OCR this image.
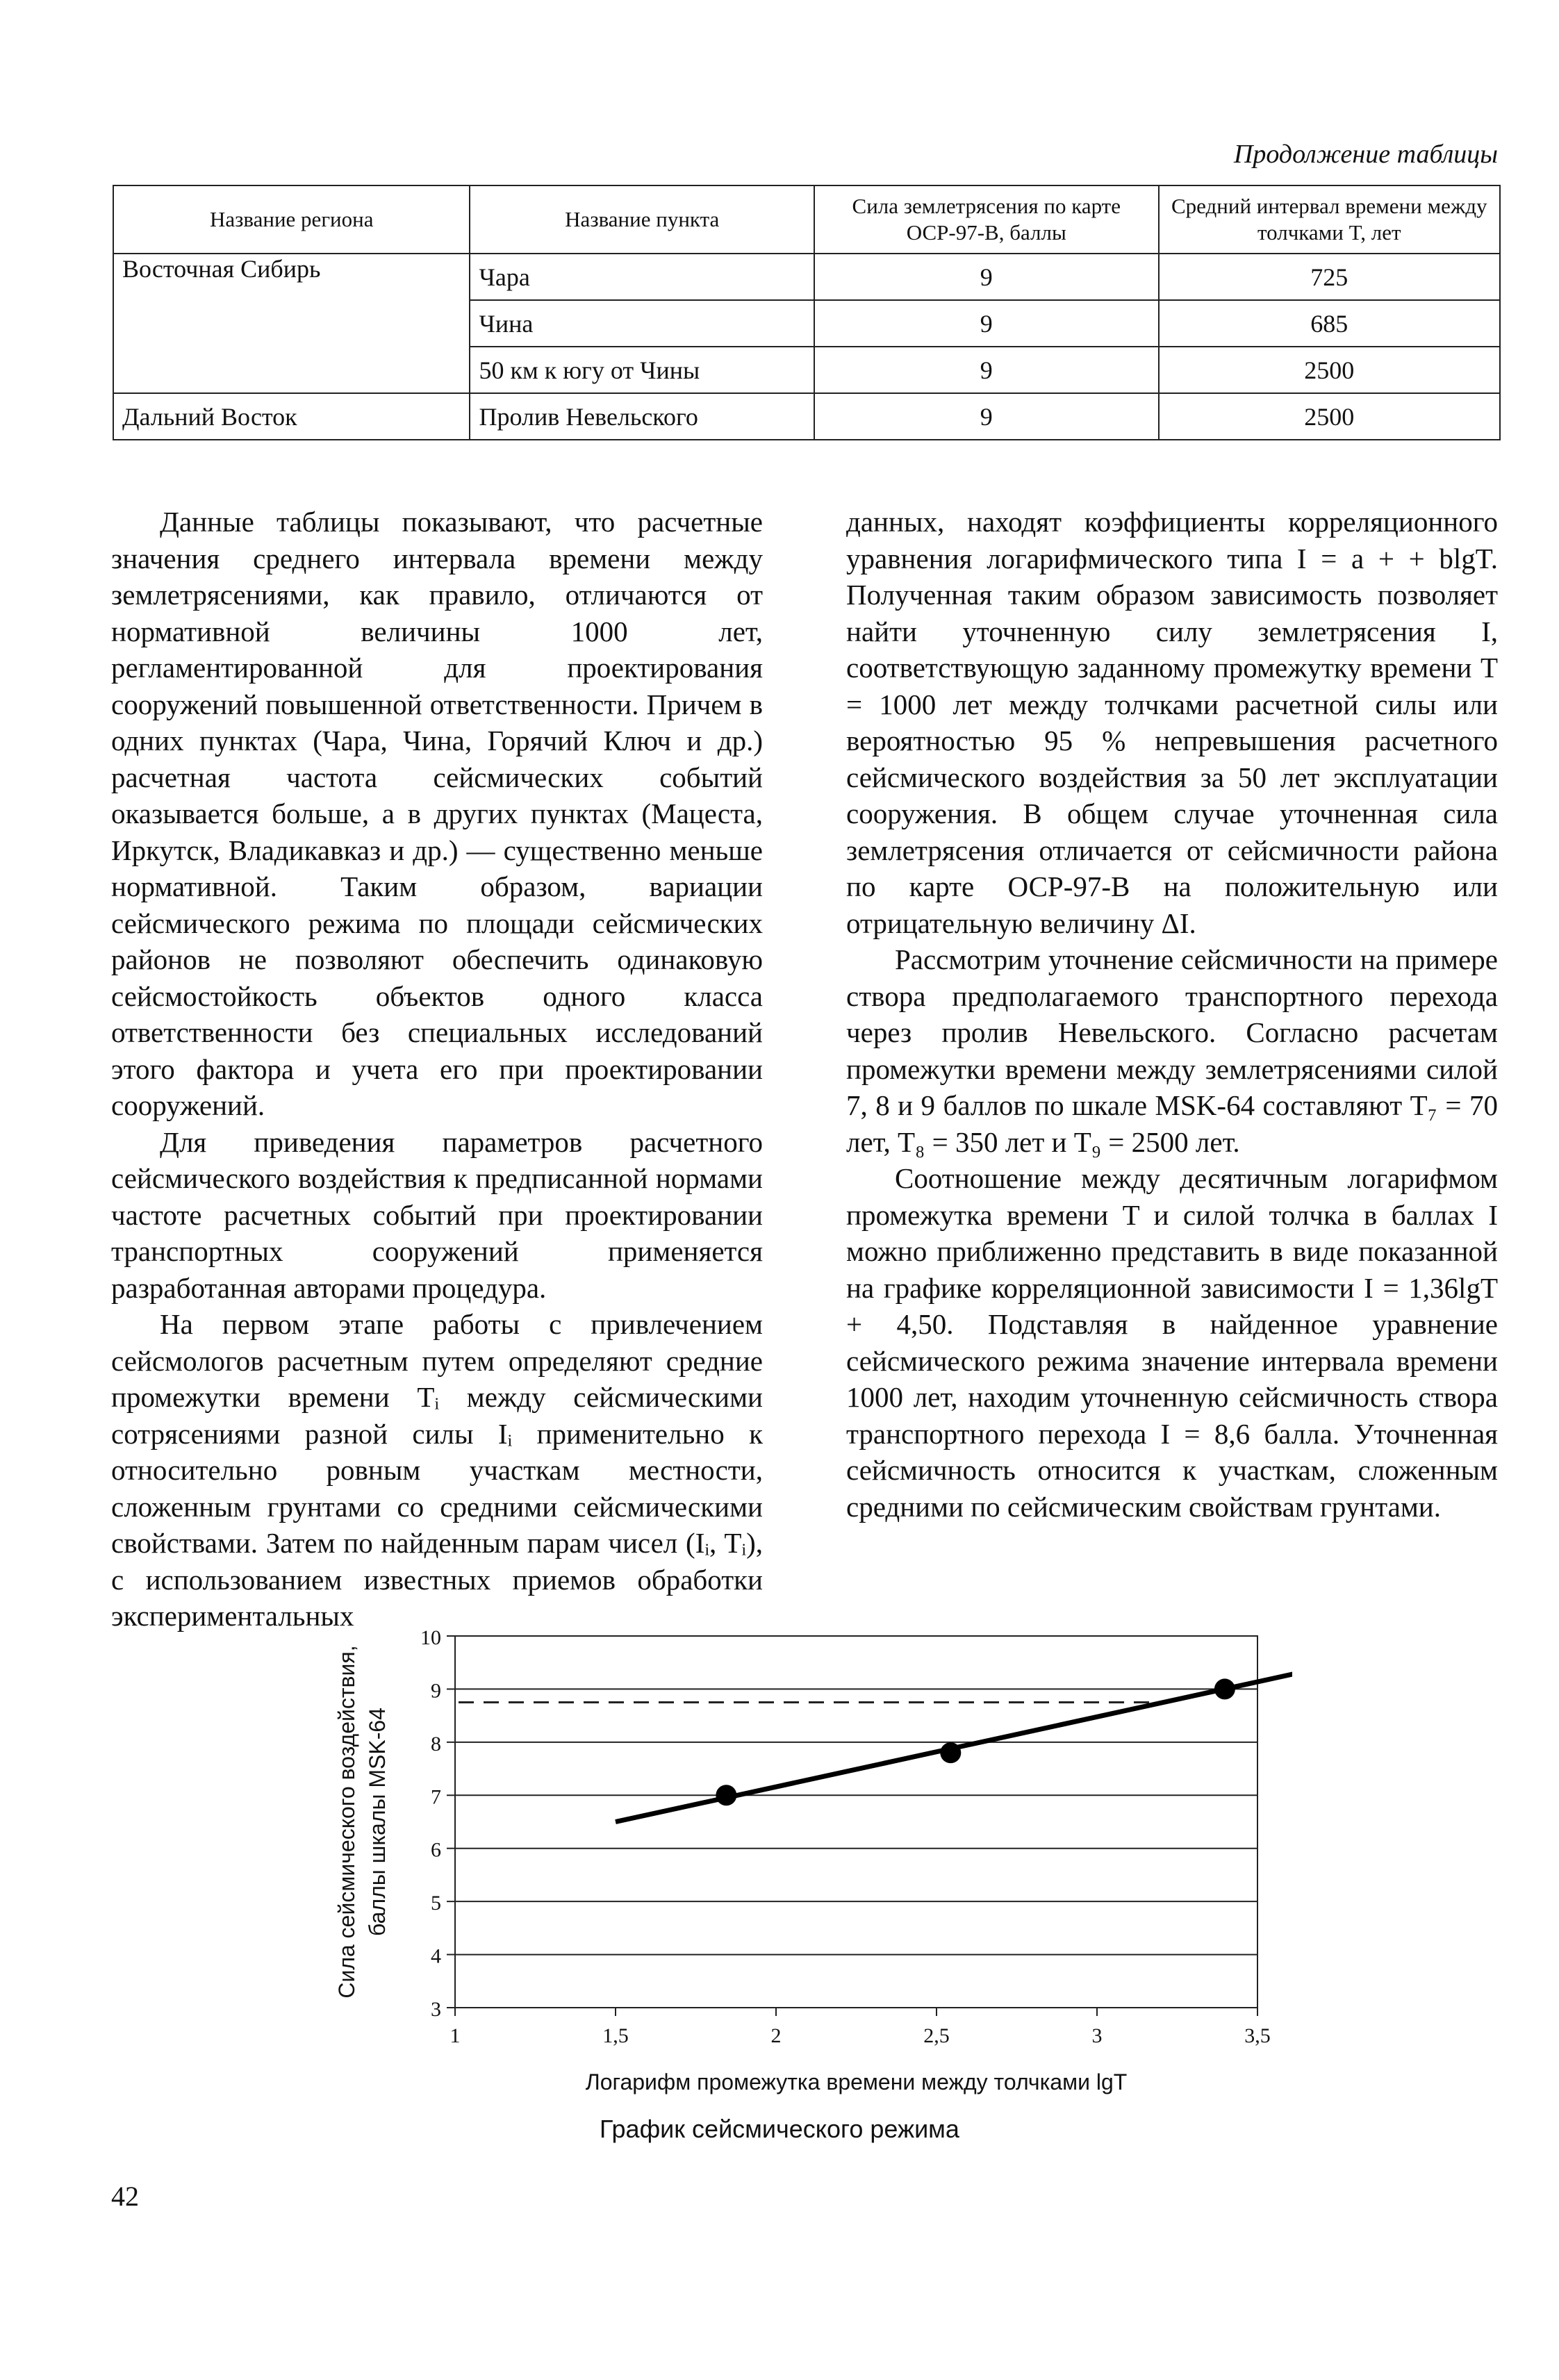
Продолжение таблицы
Название региона	Название пункта	Сила землетрясения по карте ОСР-97-В, баллы	Средний интервал времени между толчками T, лет
Восточная Сибирь	Чара	9	725
	Чина	9	685
	50 км к югу от Чины	9	2500
Дальний Восток	Пролив Невельского	9	2500

Данные таблицы показывают, что расчетные значения среднего интервала времени между землетрясениями, как правило, отличаются от нормативной величины 1000 лет, регламентированной для проектирования сооружений повышенной ответственности. Причем в одних пунктах (Чара, Чина, Горячий Ключ и др.) расчетная частота сейсмических событий оказывается больше, а в других пунктах (Мацеста, Иркутск, Владикавказ и др.) — существенно меньше нормативной. Таким образом, вариации сейсмического режима по площади сейсмических районов не позволяют обеспечить одинаковую сейсмостойкость объектов одного класса ответственности без специальных исследований этого фактора и учета его при проектировании сооружений.

Для приведения параметров расчетного сейсмического воздействия к предписанной нормами частоте расчетных событий при проектировании транспортных сооружений применяется разработанная авторами процедура.

На первом этапе работы с привлечением сейсмологов расчетным путем определяют средние промежутки времени Tᵢ между сейсмическими сотрясениями разной силы Iᵢ применительно к относительно ровным участкам местности, сложенным грунтами со средними сейсмическими свойствами. Затем по найденным парам чисел (Iᵢ, Tᵢ), с использованием известных приемов обработки экспериментальных

данных, находят коэффициенты корреляционного уравнения логарифмического типа I = a + + blgT. Полученная таким образом зависимость позволяет найти уточненную силу землетрясения I, соответствующую заданному промежутку времени T = 1000 лет между толчками расчетной силы или вероятностью 95 % непревышения расчетного сейсмического воздействия за 50 лет эксплуатации сооружения. В общем случае уточненная сила землетрясения отличается от сейсмичности района по карте ОСР-97-В на положительную или отрицательную величину ΔI.

Рассмотрим уточнение сейсмичности на примере створа предполагаемого транспортного перехода через пролив Невельского. Согласно расчетам промежутки времени между землетрясениями силой 7, 8 и 9 баллов по шкале MSK-64 составляют T₇ = 70 лет, T₈ = 350 лет и T₉ = 2500 лет.

Соотношение между десятичным логарифмом промежутка времени T и силой толчка в баллах I можно приближенно представить в виде показанной на графике корреляционной зависимости I = 1,36lgT + 4,50. Подставляя в найденное уравнение сейсмического режима значение интервала времени 1000 лет, находим уточненную сейсмичность створа транспортного перехода I = 8,6 балла. Уточненная сейсмичность относится к участкам, сложенным средними по сейсмическим свойствам грунтами.

3
4
5
6
7
8
9
10
1	1,5	2	2,5	3	3,5
Сила сейсмического воздействия, баллы шкалы MSK-64
Логарифм промежутка времени между толчками lgT
График сейсмического режима
42
